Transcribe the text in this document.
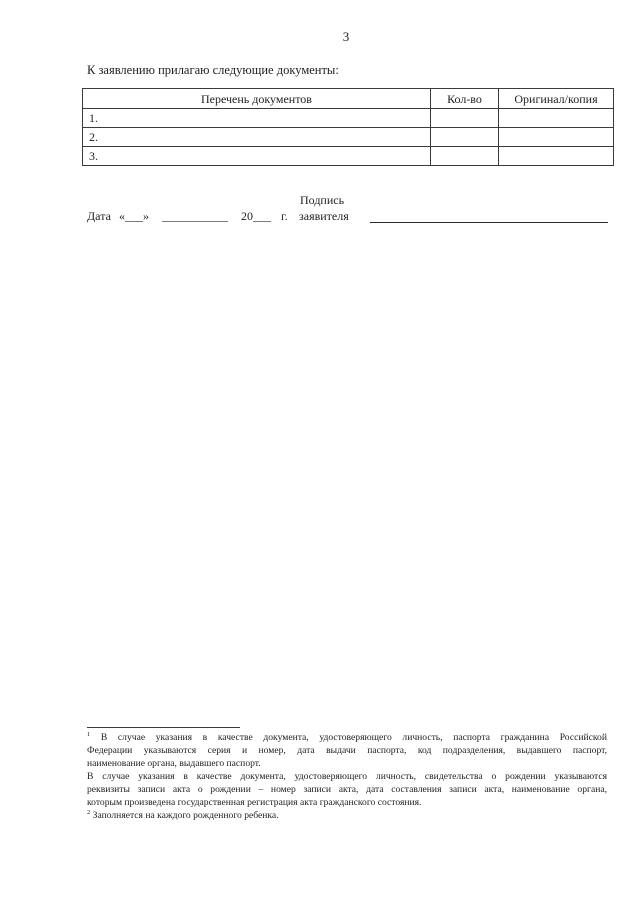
3
К заявлению прилагаю следующие документы:
Перечень документов	Кол-во	Оригинал/копия
1.		
2.		
3.		
Подпись
заявителя
Дата «___» ___________ 20___ г.
$^1$ В случае указания в качестве документа, удостоверяющего личность, паспорта гражданина Российской
Федерации указываются серия и номер, дата выдачи паспорта, код подразделения, выдавшего паспорт,
наименование органа, выдавшего паспорт.
В случае указания в качестве документа, удостоверяющего личность, свидетельства о рождении указываются
реквизиты записи акта о рождении – номер записи акта, дата составления записи акта, наименование органа,
которым произведена государственная регистрация акта гражданского состояния.
$^2$ Заполняется на каждого рожденного ребенка.
